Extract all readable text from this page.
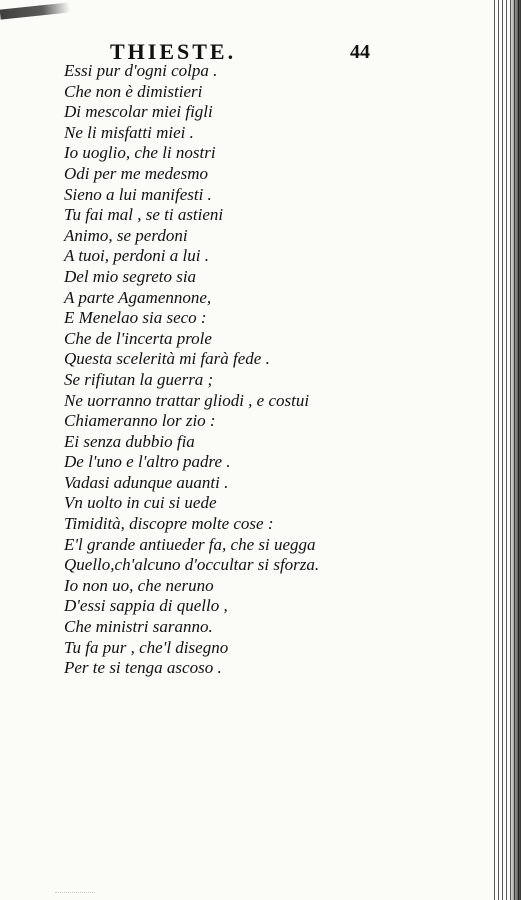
THIESTE.	44
Essi pur d'ogni colpa .
Che non è dimistieri
Di mescolar miei figli
Ne li misfatti miei .
Io uoglio, che li nostri
Odi per me medesmo
Sieno a lui manifesti .
Tu fai mal , se ti astieni
Animo, se perdoni
A tuoi, perdoni a lui .
Del mio segreto sia
A parte Agamennone,
E Menelao sia seco :
Che de l'incerta prole
Questa scelerità mi farà fede .
Se rifiutan la guerra ;
Ne uorranno trattar gliodi , e costui
Chiameranno lor zio :
Ei senza dubbio fia
De l'uno e l'altro padre .
Vadasi adunque auanti .
Vn uolto in cui si uede
Timidità, discopre molte cose :
E'l grande antiueder fa, che si uegga
Quello,ch'alcuno d'occultar si sforza.
Io non uo, che neruno
D'essi sappia di quello ,
Che ministri saranno.
Tu fa pur , che'l disegno
Per te si tenga ascoso .
